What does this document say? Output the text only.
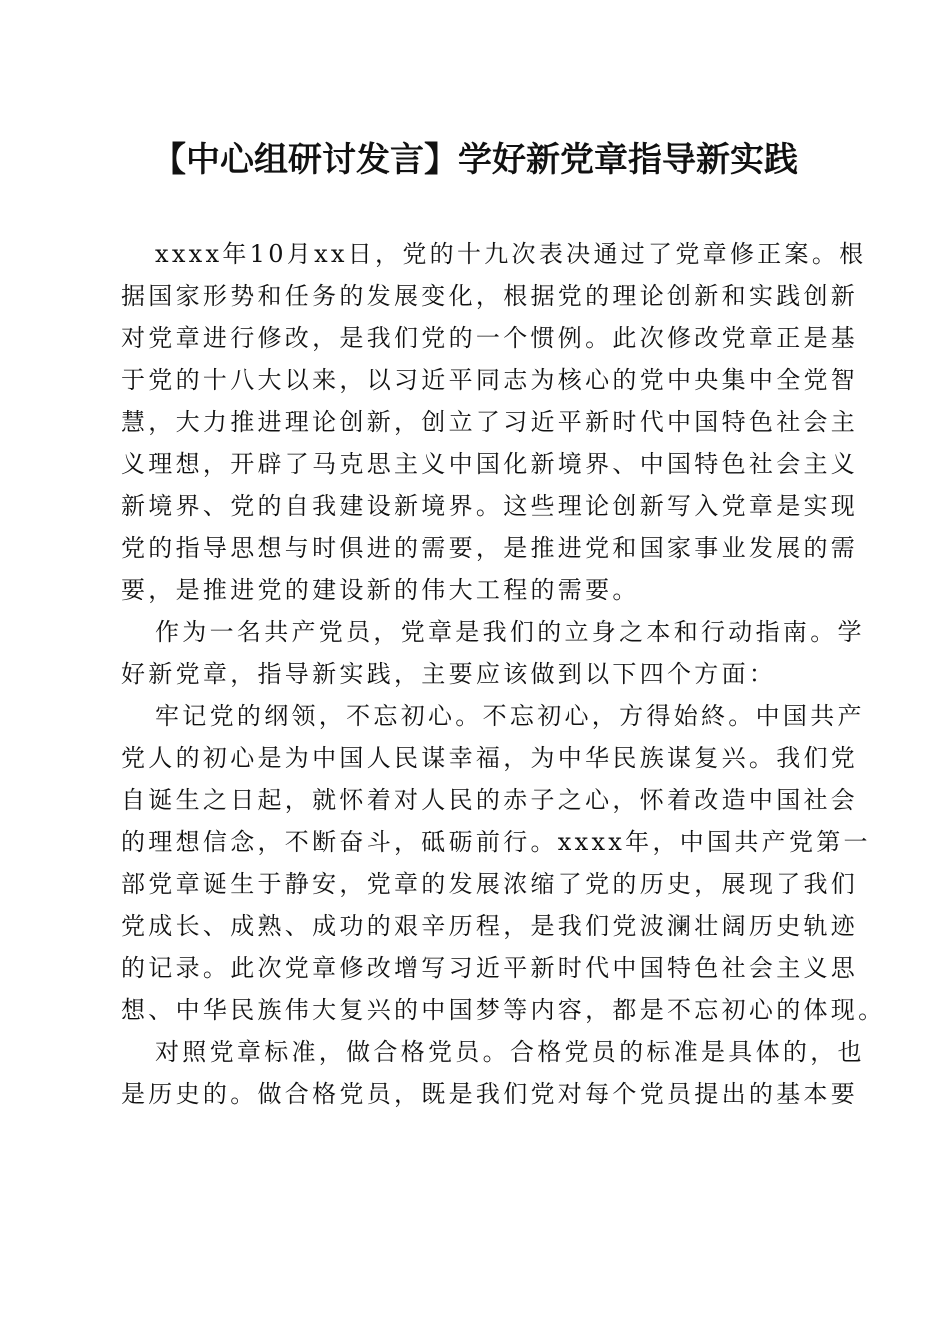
【中心组研讨发言】学好新党章指导新实践

xxxx年10月xx日，党的十九次表决通过了党章修正案。根
据国家形势和任务的发展变化，根据党的理论创新和实践创新
对党章进行修改，是我们党的一个惯例。此次修改党章正是基
于党的十八大以来，以习近平同志为核心的党中央集中全党智
慧，大力推进理论创新，创立了习近平新时代中国特色社会主
义理想，开辟了马克思主义中国化新境界、中国特色社会主义
新境界、党的自我建设新境界。这些理论创新写入党章是实现
党的指导思想与时俱进的需要，是推进党和国家事业发展的需
要，是推进党的建设新的伟大工程的需要。

作为一名共产党员，党章是我们的立身之本和行动指南。学
好新党章，指导新实践，主要应该做到以下四个方面：

牢记党的纲领，不忘初心。不忘初心，方得始終。中国共产
党人的初心是为中国人民谋幸福，为中华民族谋复兴。我们党
自诞生之日起，就怀着对人民的赤子之心，怀着改造中国社会
的理想信念，不断奋斗，砥砺前行。xxxx年，中国共产党第一
部党章诞生于静安，党章的发展浓缩了党的历史，展现了我们
党成长、成熟、成功的艰辛历程，是我们党波澜壮阔历史轨迹
的记录。此次党章修改增写习近平新时代中国特色社会主义思
想、中华民族伟大复兴的中国梦等内容，都是不忘初心的体现。

对照党章标准，做合格党员。合格党员的标准是具体的，也
是历史的。做合格党员，既是我们党对每个党员提出的基本要
